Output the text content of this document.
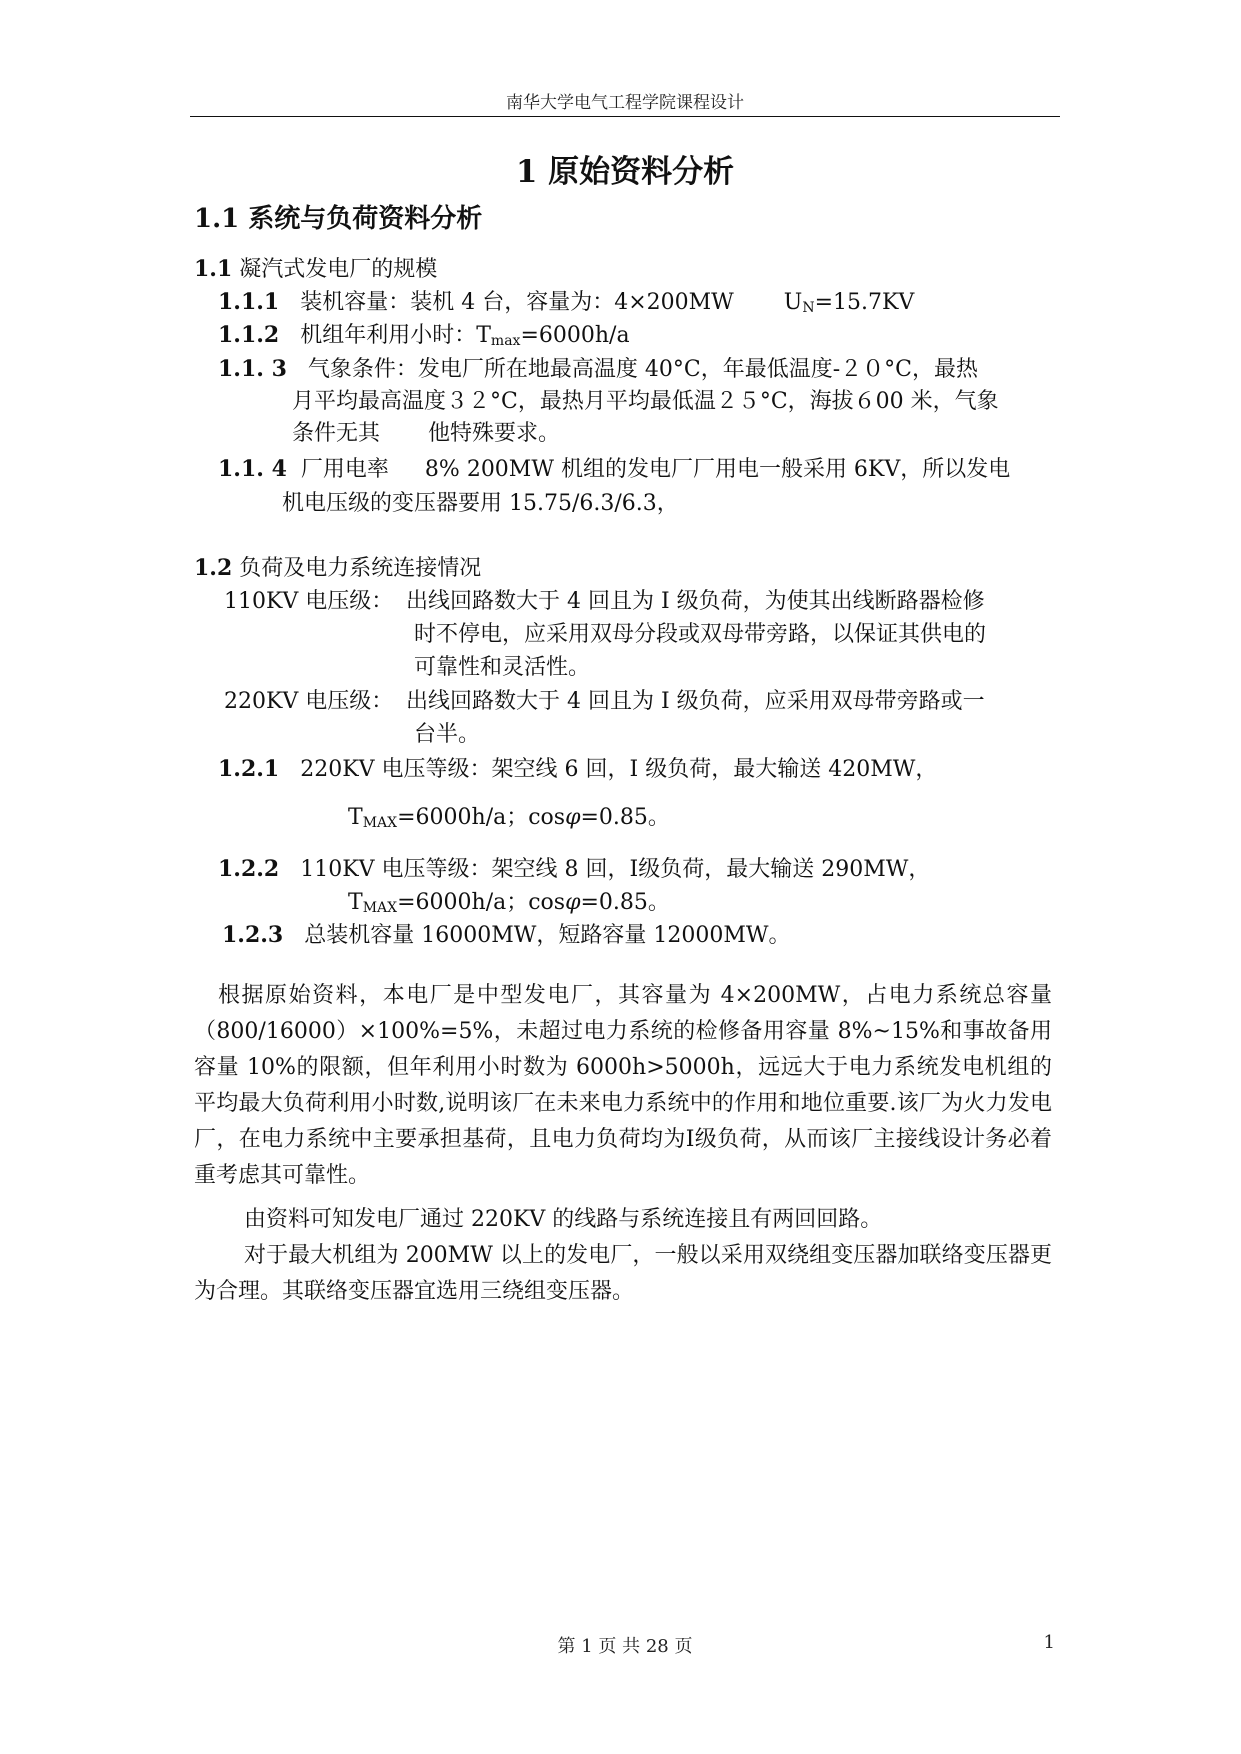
南华大学电气工程学院课程设计
1 原始资料分析
1.1 系统与负荷资料分析
1.1 凝汽式发电厂的规模
1.1.1 装机容量：装机 4 台，容量为：4×200MW $U_N=15.7KV$
1.1.2 机组年利用小时：$T_{max}=6000h/a$
1.1. 3 气象条件：发电厂所在地最高温度 40°C，年最低温度-２０°C，最热
月平均最高温度３２°C，最热月平均最低温２５°C，海拔６00 米，气象
条件无其 他特殊要求。
1.1. 4 厂用电率 8% 200MW 机组的发电厂厂用电一般采用 6KV，所以发电
机电压级的变压器要用 15.75/6.3/6.3，
1.2 负荷及电力系统连接情况
110KV 电压级： 出线回路数大于 4 回且为 I 级负荷，为使其出线断路器检修
时不停电，应采用双母分段或双母带旁路，以保证其供电的
可靠性和灵活性。
220KV 电压级： 出线回路数大于 4 回且为 I 级负荷，应采用双母带旁路或一
台半。
1.2.1 220KV 电压等级：架空线 6 回，I 级负荷，最大输送 420MW，
$T_{MAX}=6000h/a$；cosφ=0.85。
1.2.2 110KV 电压等级：架空线 8 回，Ⅰ级负荷，最大输送 290MW，
$T_{MAX}=6000h/a$；cosφ=0.85。
1.2.3 总装机容量 16000MW，短路容量 12000MW。
根据原始资料，本电厂是中型发电厂，其容量为 4×200MW，占电力系统总容量（800/16000）×100%=5%，未超过电力系统的检修备用容量 8%~15%和事故备用容量 10%的限额，但年利用小时数为 6000h>5000h，远远大于电力系统发电机组的平均最大负荷利用小时数,说明该厂在未来电力系统中的作用和地位重要.该厂为火力发电厂，在电力系统中主要承担基荷，且电力负荷均为Ⅰ级负荷，从而该厂主接线设计务必着重考虑其可靠性。
由资料可知发电厂通过 220KV 的线路与系统连接且有两回回路。
对于最大机组为 200MW 以上的发电厂，一般以采用双绕组变压器加联络变压器更为合理。其联络变压器宜选用三绕组变压器。
第 1 页 共 28 页	1
